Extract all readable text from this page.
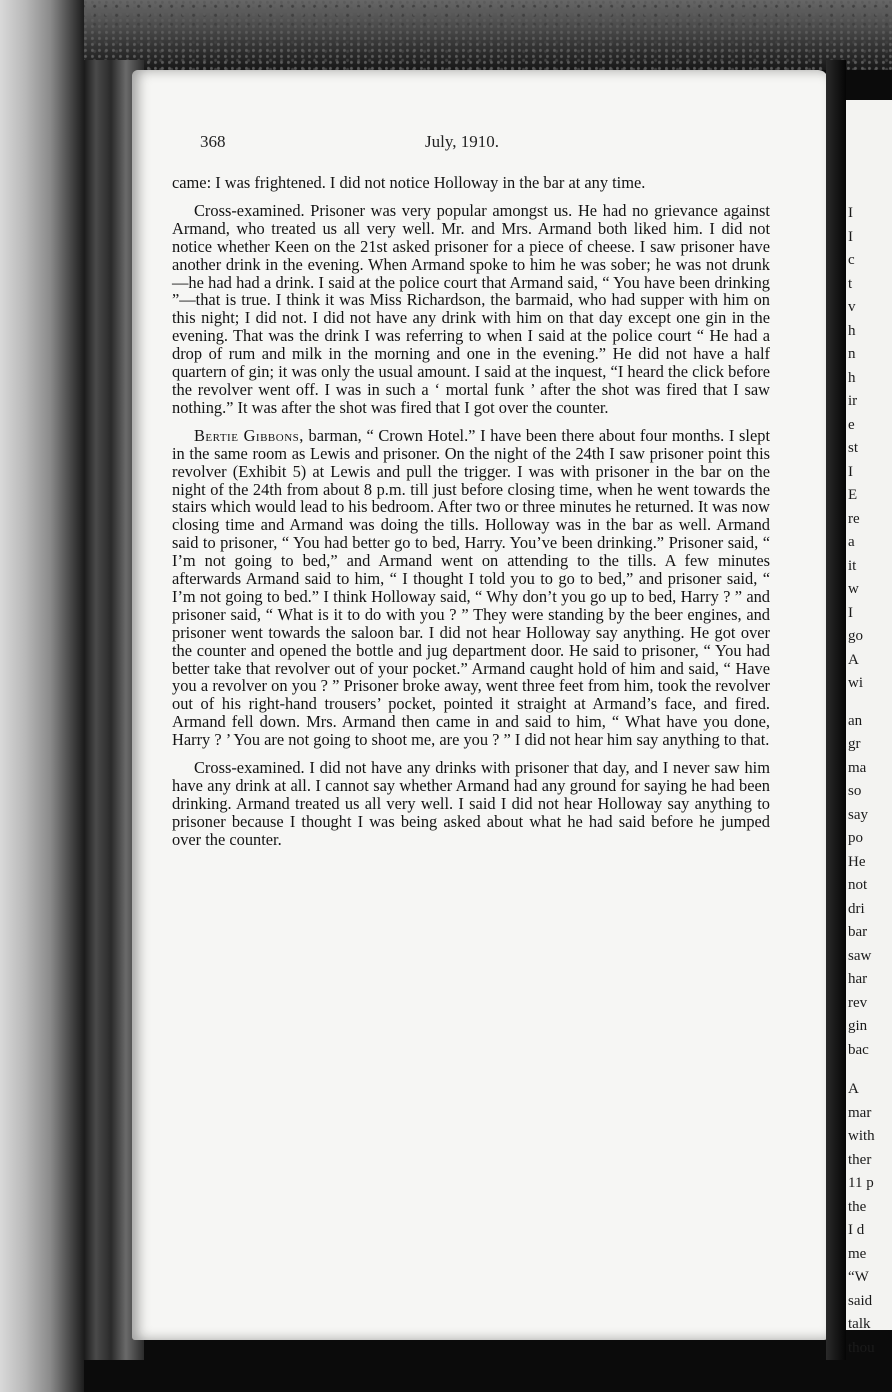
I
I
c
t
v
h
n
h
ir
e
st
I
E
re
a
it
w
I
go
A
wi
an
gr
ma
so
say
po
He
not
dri
bar
saw
har
rev
gin
bac
A
mar
with
ther
11 p
the
I d
me
“W
said
talk
thou
368	July, 1910.

came: I was frightened. I did not notice Holloway in the bar at any time.

Cross-examined. Prisoner was very popular amongst us. He had no grievance against Armand, who treated us all very well. Mr. and Mrs. Armand both liked him. I did not notice whether Keen on the 21st asked prisoner for a piece of cheese. I saw prisoner have another drink in the evening. When Armand spoke to him he was sober; he was not drunk—he had had a drink. I said at the police court that Armand said, “ You have been drinking ”—that is true. I think it was Miss Richardson, the barmaid, who had supper with him on this night; I did not. I did not have any drink with him on that day except one gin in the evening. That was the drink I was referring to when I said at the police court “ He had a drop of rum and milk in the morning and one in the evening.” He did not have a half quartern of gin; it was only the usual amount. I said at the inquest, “I heard the click before the revolver went off. I was in such a ‘ mortal funk ’ after the shot was fired that I saw nothing.” It was after the shot was fired that I got over the counter.

Bertie Gibbons, barman, “ Crown Hotel.” I have been there about four months. I slept in the same room as Lewis and prisoner. On the night of the 24th I saw prisoner point this revolver (Exhibit 5) at Lewis and pull the trigger. I was with prisoner in the bar on the night of the 24th from about 8 p.m. till just before closing time, when he went towards the stairs which would lead to his bedroom. After two or three minutes he returned. It was now closing time and Armand was doing the tills. Holloway was in the bar as well. Armand said to prisoner, “ You had better go to bed, Harry. You’ve been drinking.” Prisoner said, “ I’m not going to bed,” and Armand went on attending to the tills. A few minutes afterwards Armand said to him, “ I thought I told you to go to bed,” and prisoner said, “ I’m not going to bed.” I think Holloway said, “ Why don’t you go up to bed, Harry ? ” and prisoner said, “ What is it to do with you ? ” They were standing by the beer engines, and prisoner went towards the saloon bar. I did not hear Holloway say anything. He got over the counter and opened the bottle and jug department door. He said to prisoner, “ You had better take that revolver out of your pocket.” Armand caught hold of him and said, “ Have you a revolver on you ? ” Prisoner broke away, went three feet from him, took the revolver out of his right-hand trousers’ pocket, pointed it straight at Armand’s face, and fired. Armand fell down. Mrs. Armand then came in and said to him, “ What have you done, Harry ? ’ You are not going to shoot me, are you ? ” I did not hear him say anything to that.

Cross-examined. I did not have any drinks with prisoner that day, and I never saw him have any drink at all. I cannot say whether Armand had any ground for saying he had been drinking. Armand treated us all very well. I said I did not hear Holloway say anything to prisoner because I thought I was being asked about what he had said before he jumped over the counter.
